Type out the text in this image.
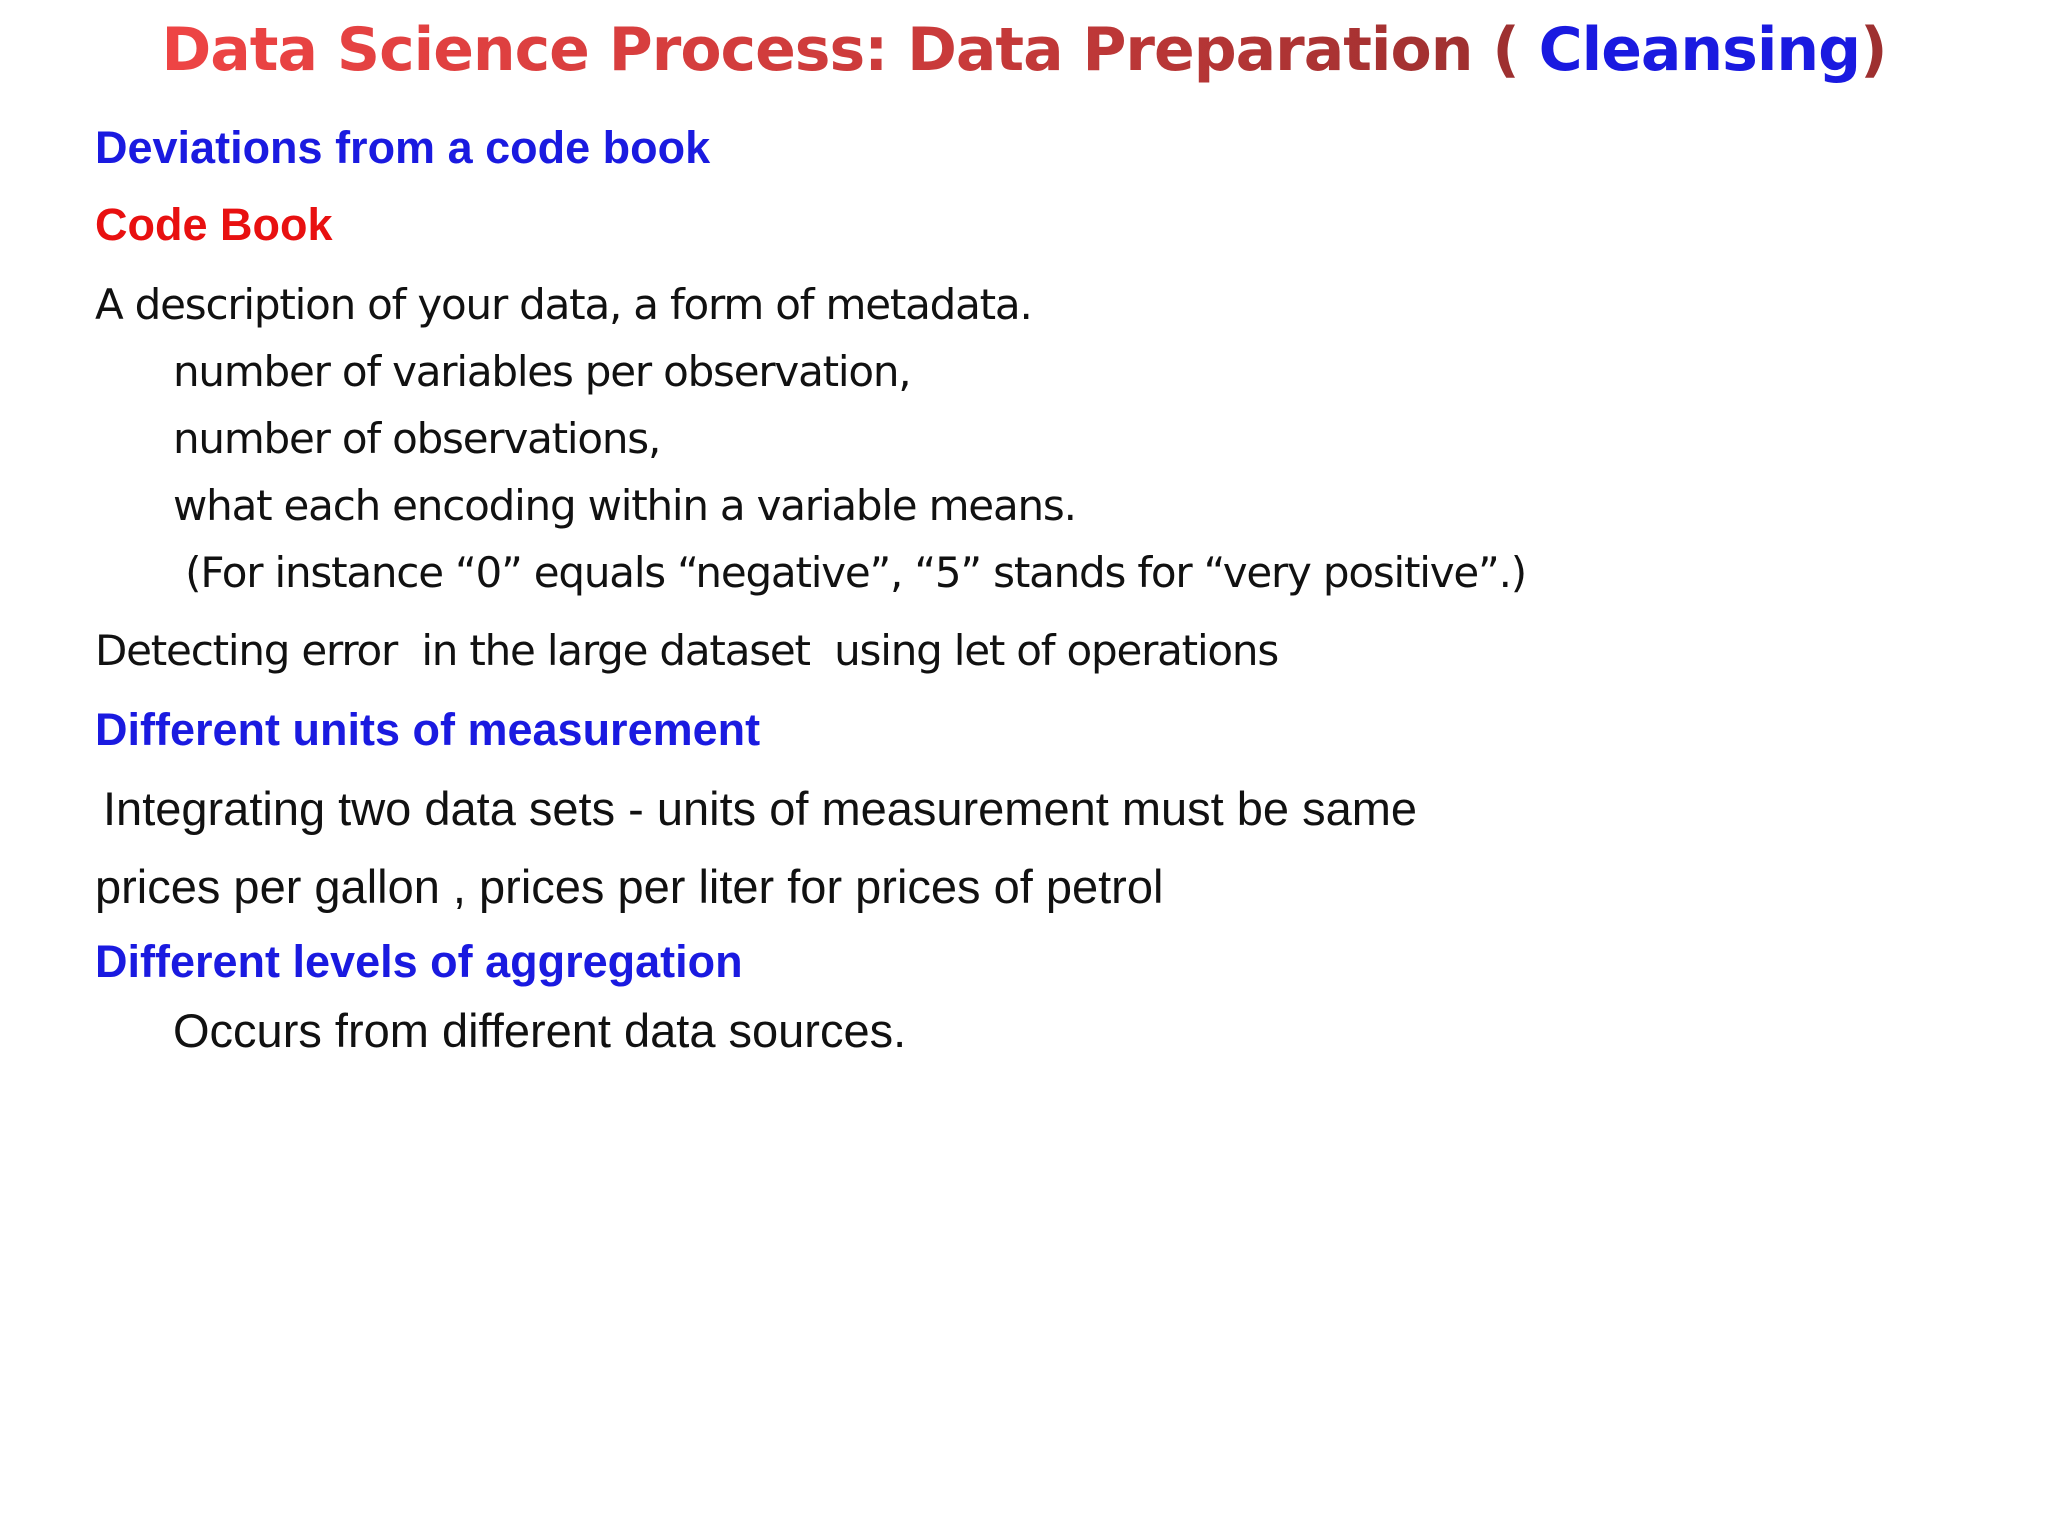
Data Science Process: Data Preparation ( Cleansing)
Deviations from a code book
Code Book
A description of your data, a form of metadata.
number of variables per observation,
number of observations,
what each encoding within a variable means.
(For instance “0” equals “negative”, “5” stands for “very positive”.)
Detecting error  in the large dataset  using let of operations
Different units of measurement
Integrating two data sets - units of measurement must be same
prices per gallon , prices per liter for prices of petrol
Different levels of aggregation
Occurs from different data sources.
